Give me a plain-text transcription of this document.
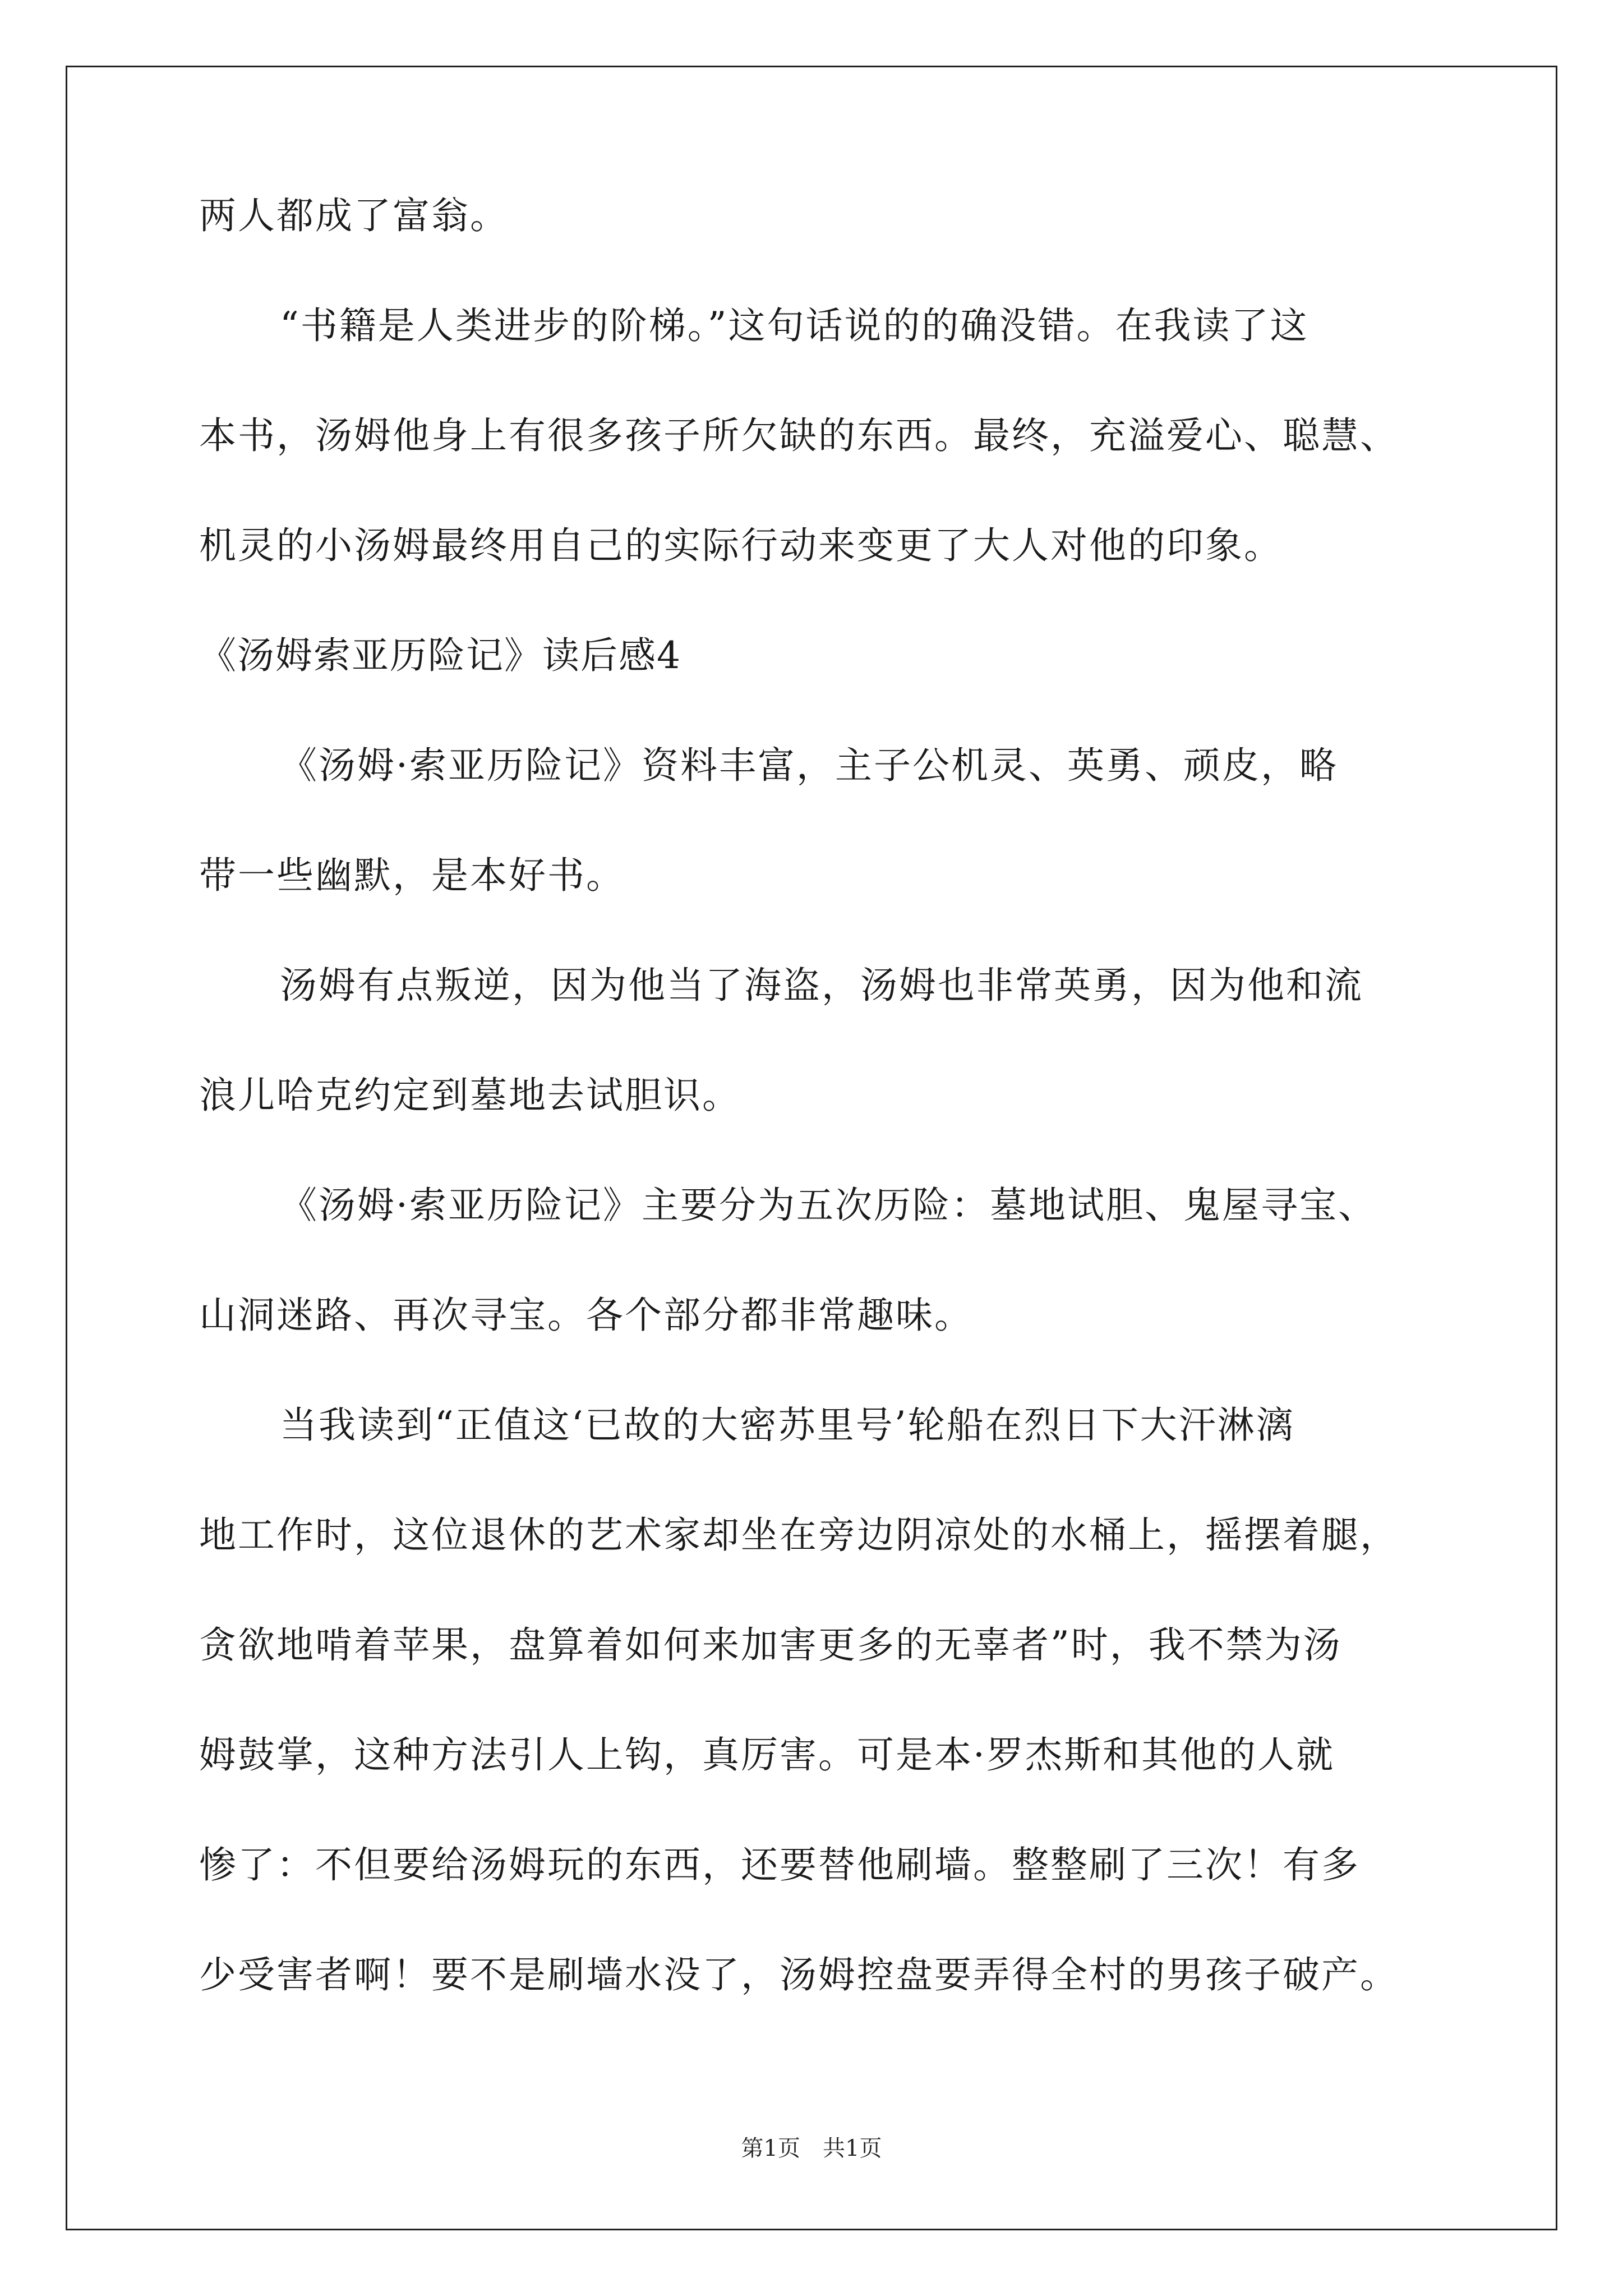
两人都成了富翁。
“书籍是人类进步的阶梯。”这句话说的的确没错。在我读了这
本书，汤姆他身上有很多孩子所欠缺的东西。最终，充溢爱心、聪慧、
机灵的小汤姆最终用自己的实际行动来变更了大人对他的印象。
《汤姆索亚历险记》读后感4
《汤姆·索亚历险记》资料丰富，主子公机灵、英勇、顽皮，略
带一些幽默，是本好书。
汤姆有点叛逆，因为他当了海盗，汤姆也非常英勇，因为他和流
浪儿哈克约定到墓地去试胆识。
《汤姆·索亚历险记》主要分为五次历险：墓地试胆、鬼屋寻宝、
山洞迷路、再次寻宝。各个部分都非常趣味。
当我读到“正值这‘已故的大密苏里号’轮船在烈日下大汗淋漓
地工作时，这位退休的艺术家却坐在旁边阴凉处的水桶上，摇摆着腿，
贪欲地啃着苹果，盘算着如何来加害更多的无辜者”时，我不禁为汤
姆鼓掌，这种方法引人上钩，真厉害。可是本·罗杰斯和其他的人就
惨了：不但要给汤姆玩的东西，还要替他刷墙。整整刷了三次！有多
少受害者啊！要不是刷墙水没了，汤姆控盘要弄得全村的男孩子破产。
第1页　共1页
